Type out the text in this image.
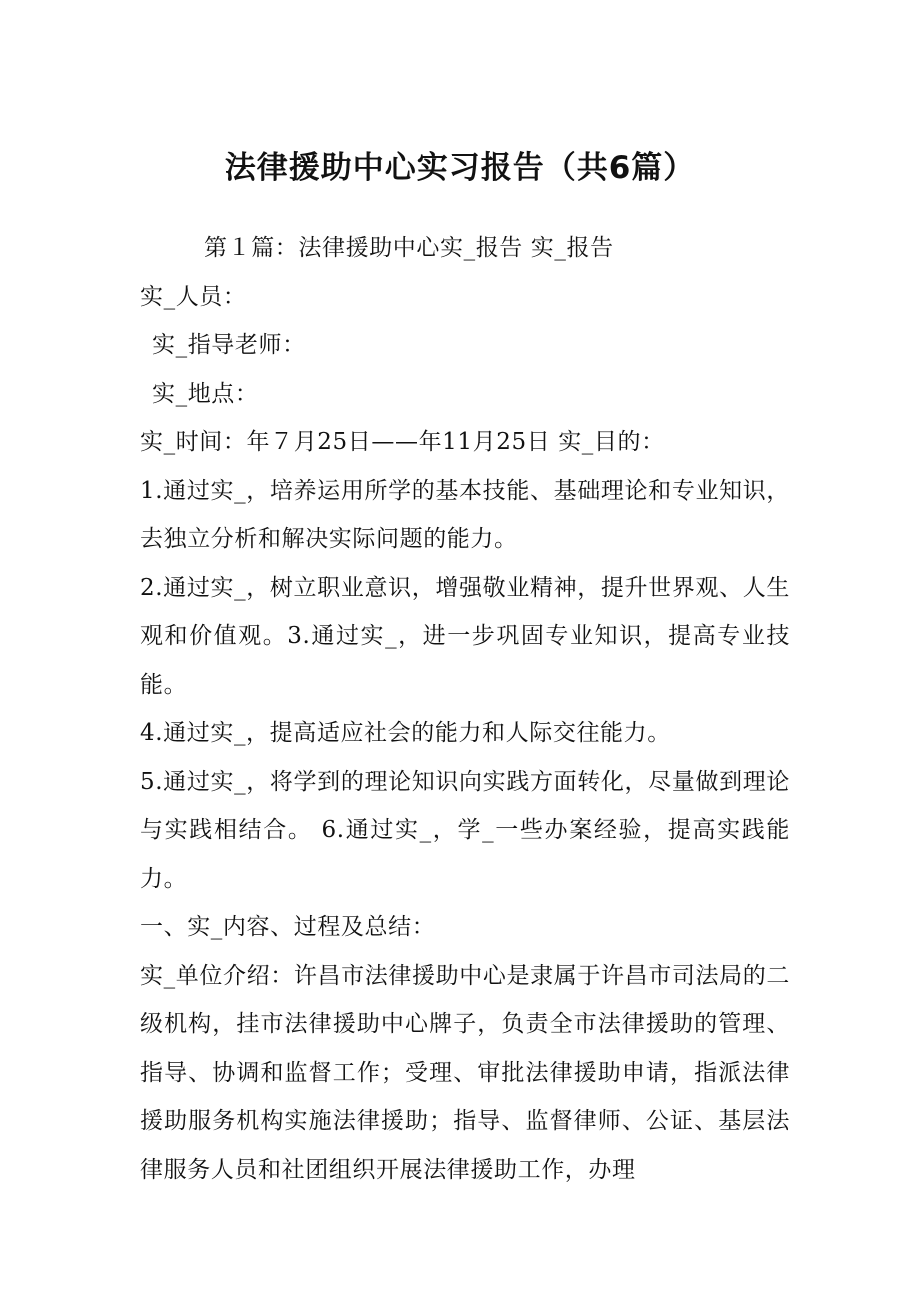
法律援助中心实习报告（共6篇）

第１篇：法律援助中心实_报告 实_报告

实_人员：

实_指导老师：

实_地点：

实_时间：年７月25日——年11月25日 实_目的：

1.通过实_，培养运用所学的基本技能、基础理论和专业知识，去独立分析和解决实际问题的能力。

2.通过实_，树立职业意识，增强敬业精神，提升世界观、人生观和价值观。3.通过实_，进一步巩固专业知识，提高专业技能。

4.通过实_，提高适应社会的能力和人际交往能力。

5.通过实_，将学到的理论知识向实践方面转化，尽量做到理论与实践相结合。 6.通过实_，学_一些办案经验，提高实践能力。

一、实_内容、过程及总结：

实_单位介绍：许昌市法律援助中心是隶属于许昌市司法局的二级机构，挂市法律援助中心牌子，负责全市法律援助的管理、指导、协调和监督工作；受理、审批法律援助申请，指派法律援助服务机构实施法律援助；指导、监督律师、公证、基层法律服务人员和社团组织开展法律援助工作，办理
